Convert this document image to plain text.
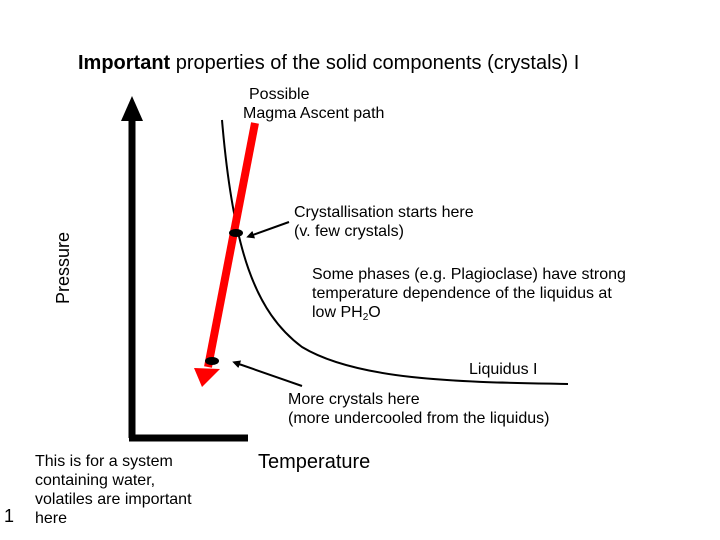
Important properties of the solid components (crystals) I
Possible
Magma Ascent path
Pressure
Crystallisation starts here
(v. few crystals)
Some phases (e.g. Plagioclase) have strong
temperature dependence of the liquidus at
low $PH_2O$
Liquidus I
More crystals here
(more undercooled from the liquidus)
Temperature
This is for a system
containing water,
volatiles are important
here
1
